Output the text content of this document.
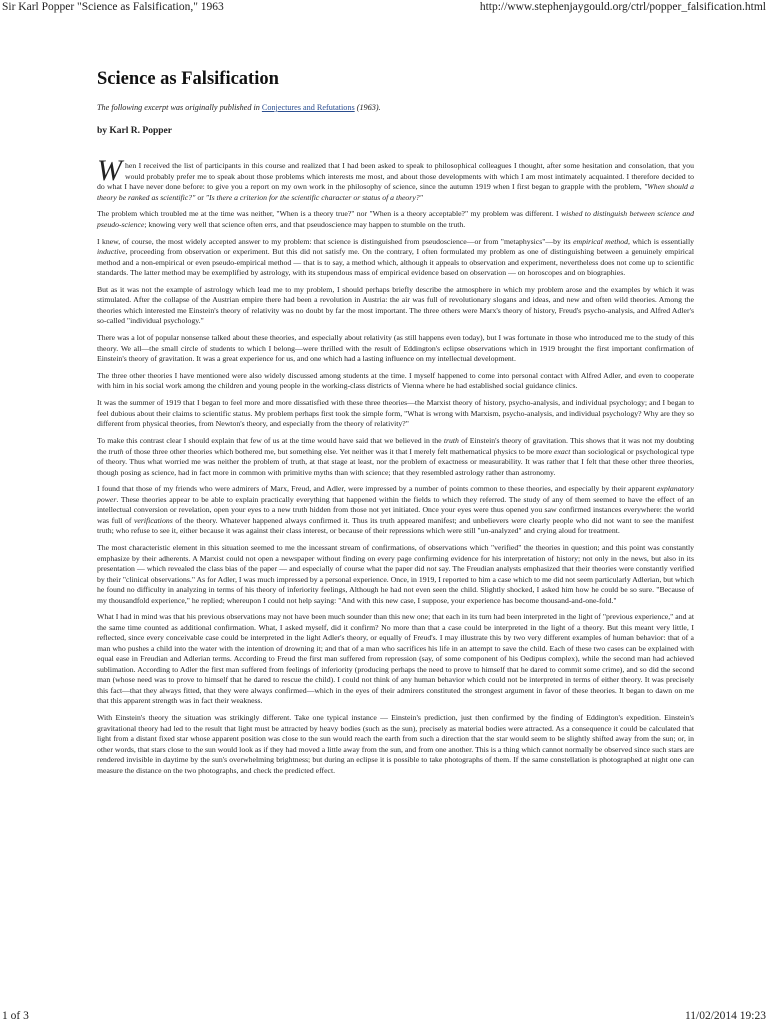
Sir Karl Popper "Science as Falsification," 1963	http://www.stephenjaygould.org/ctrl/popper_falsification.html
Science as Falsification
The following excerpt was originally published in Conjectures and Refutations (1963).
by Karl R. Popper

When I received the list of participants in this course and realized that I had been asked to speak to philosophical colleagues I thought, after some hesitation and consolation, that you would probably prefer me to speak about those problems which interests me most, and about those developments with which I am most intimately acquainted. I therefore decided to do what I have never done before: to give you a report on my own work in the philosophy of science, since the autumn 1919 when I first began to grapple with the problem, "When should a theory be ranked as scientific?" or "Is there a criterion for the scientific character or status of a theory?"

The problem which troubled me at the time was neither, "When is a theory true?" nor "When is a theory acceptable?" my problem was different. I wished to distinguish between science and pseudo-science; knowing very well that science often errs, and that pseudoscience may happen to stumble on the truth.

I knew, of course, the most widely accepted answer to my problem: that science is distinguished from pseudoscience—or from "metaphysics"—by its empirical method, which is essentially inductive, proceeding from observation or experiment. But this did not satisfy me. On the contrary, I often formulated my problem as one of distinguishing between a genuinely empirical method and a non-empirical or even pseudo-empirical method — that is to say, a method which, although it appeals to observation and experiment, nevertheless does not come up to scientific standards. The latter method may be exemplified by astrology, with its stupendous mass of empirical evidence based on observation — on horoscopes and on biographies.

But as it was not the example of astrology which lead me to my problem, I should perhaps briefly describe the atmosphere in which my problem arose and the examples by which it was stimulated. After the collapse of the Austrian empire there had been a revolution in Austria: the air was full of revolutionary slogans and ideas, and new and often wild theories. Among the theories which interested me Einstein's theory of relativity was no doubt by far the most important. The three others were Marx's theory of history, Freud's psycho-analysis, and Alfred Adler's so-called "individual psychology."

There was a lot of popular nonsense talked about these theories, and especially about relativity (as still happens even today), but I was fortunate in those who introduced me to the study of this theory. We all—the small circle of students to which I belong—were thrilled with the result of Eddington's eclipse observations which in 1919 brought the first important confirmation of Einstein's theory of gravitation. It was a great experience for us, and one which had a lasting influence on my intellectual development.

The three other theories I have mentioned were also widely discussed among students at the time. I myself happened to come into personal contact with Alfred Adler, and even to cooperate with him in his social work among the children and young people in the working-class districts of Vienna where he had established social guidance clinics.

It was the summer of 1919 that I began to feel more and more dissatisfied with these three theories—the Marxist theory of history, psycho-analysis, and individual psychology; and I began to feel dubious about their claims to scientific status. My problem perhaps first took the simple form, "What is wrong with Marxism, psycho-analysis, and individual psychology? Why are they so different from physical theories, from Newton's theory, and especially from the theory of relativity?"

To make this contrast clear I should explain that few of us at the time would have said that we believed in the truth of Einstein's theory of gravitation. This shows that it was not my doubting the truth of those three other theories which bothered me, but something else. Yet neither was it that I merely felt mathematical physics to be more exact than sociological or psychological type of theory. Thus what worried me was neither the problem of truth, at that stage at least, nor the problem of exactness or measurability. It was rather that I felt that these other three theories, though posing as science, had in fact more in common with primitive myths than with science; that they resembled astrology rather than astronomy.

I found that those of my friends who were admirers of Marx, Freud, and Adler, were impressed by a number of points common to these theories, and especially by their apparent explanatory power. These theories appear to be able to explain practically everything that happened within the fields to which they referred. The study of any of them seemed to have the effect of an intellectual conversion or revelation, open your eyes to a new truth hidden from those not yet initiated. Once your eyes were thus opened you saw confirmed instances everywhere: the world was full of verifications of the theory. Whatever happened always confirmed it. Thus its truth appeared manifest; and unbelievers were clearly people who did not want to see the manifest truth; who refuse to see it, either because it was against their class interest, or because of their repressions which were still "un-analyzed" and crying aloud for treatment.

The most characteristic element in this situation seemed to me the incessant stream of confirmations, of observations which "verified" the theories in question; and this point was constantly emphasize by their adherents. A Marxist could not open a newspaper without finding on every page confirming evidence for his interpretation of history; not only in the news, but also in its presentation — which revealed the class bias of the paper — and especially of course what the paper did not say. The Freudian analysts emphasized that their theories were constantly verified by their "clinical observations." As for Adler, I was much impressed by a personal experience. Once, in 1919, I reported to him a case which to me did not seem particularly Adlerian, but which he found no difficulty in analyzing in terms of his theory of inferiority feelings, Although he had not even seen the child. Slightly shocked, I asked him how he could be so sure. "Because of my thousandfold experience," he replied; whereupon I could not help saying: "And with this new case, I suppose, your experience has become thousand-and-one-fold."

What I had in mind was that his previous observations may not have been much sounder than this new one; that each in its turn had been interpreted in the light of "previous experience," and at the same time counted as additional confirmation. What, I asked myself, did it confirm? No more than that a case could be interpreted in the light of a theory. But this meant very little, I reflected, since every conceivable case could be interpreted in the light Adler's theory, or equally of Freud's. I may illustrate this by two very different examples of human behavior: that of a man who pushes a child into the water with the intention of drowning it; and that of a man who sacrifices his life in an attempt to save the child. Each of these two cases can be explained with equal ease in Freudian and Adlerian terms. According to Freud the first man suffered from repression (say, of some component of his Oedipus complex), while the second man had achieved sublimation. According to Adler the first man suffered from feelings of inferiority (producing perhaps the need to prove to himself that he dared to commit some crime), and so did the second man (whose need was to prove to himself that he dared to rescue the child). I could not think of any human behavior which could not be interpreted in terms of either theory. It was precisely this fact—that they always fitted, that they were always confirmed—which in the eyes of their admirers constituted the strongest argument in favor of these theories. It began to dawn on me that this apparent strength was in fact their weakness.

With Einstein's theory the situation was strikingly different. Take one typical instance — Einstein's prediction, just then confirmed by the finding of Eddington's expedition. Einstein's gravitational theory had led to the result that light must be attracted by heavy bodies (such as the sun), precisely as material bodies were attracted. As a consequence it could be calculated that light from a distant fixed star whose apparent position was close to the sun would reach the earth from such a direction that the star would seem to be slightly shifted away from the sun; or, in other words, that stars close to the sun would look as if they had moved a little away from the sun, and from one another. This is a thing which cannot normally be observed since such stars are rendered invisible in daytime by the sun's overwhelming brightness; but during an eclipse it is possible to take photographs of them. If the same constellation is photographed at night one can measure the distance on the two photographs, and check the predicted effect.

1 of 3	11/02/2014 19:23
